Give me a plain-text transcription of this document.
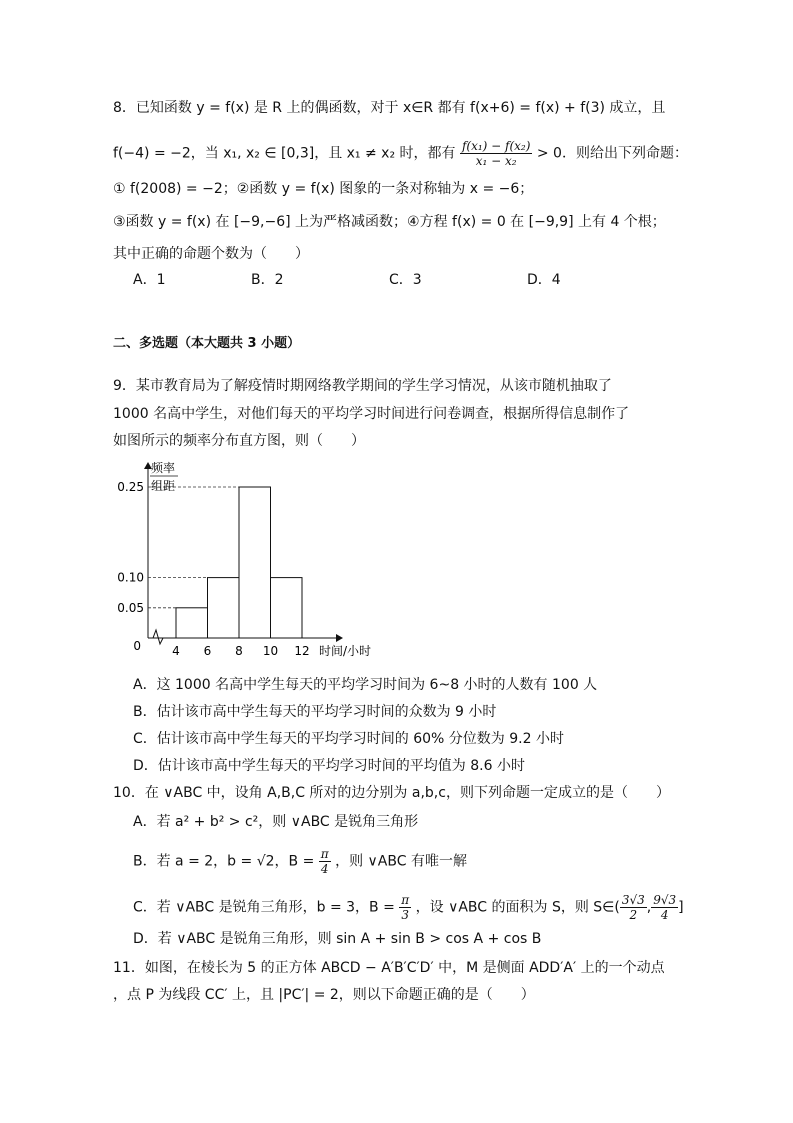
8．已知函数 y = f(x) 是 R 上的偶函数，对于 x∈R 都有 f(x+6) = f(x) + f(3) 成立，且
f(−4) = −2，当 x₁, x₂ ∈ [0,3]，且 x₁ ≠ x₂ 时，都有 $\frac{\text{f(x₁) − f(x₂)}}{\text{x₁ − x₂}} > 0$．则给出下列命题：
① f(2008) = −2；②函数 y = f(x) 图象的一条对称轴为 x = −6；
③函数 y = f(x) 在 [−9,−6] 上为严格减函数；④方程 f(x) = 0 在 [−9,9] 上有 4 个根；
其中正确的命题个数为（　　）
A．1	B．2	C．3	D．4
二、多选题（本大题共 3 小题）
9．某市教育局为了解疫情时期网络教学期间的学生学习情况，从该市随机抽取了
1000 名高中学生，对他们每天的平均学习时间进行问卷调查，根据所得信息制作了
如图所示的频率分布直方图，则（　　）
0.05
0.10
0.25
4 6 8 10 12
0
频率
组距
时间/小时
A．这 1000 名高中学生每天的平均学习时间为 6~8 小时的人数有 100 人
B．估计该市高中学生每天的平均学习时间的众数为 9 小时
C．估计该市高中学生每天的平均学习时间的 60% 分位数为 9.2 小时
D．估计该市高中学生每天的平均学习时间的平均值为 8.6 小时
10．在 ∨ABC 中，设角 A,B,C 所对的边分别为 a,b,c，则下列命题一定成立的是（　　）
A．若 a² + b² > c²，则 ∨ABC 是锐角三角形
B．若 a = 2，b = √2，$B = \frac{\pi}{4}$ ，则 ∨ABC 有唯一解
C．若 ∨ABC 是锐角三角形，b = 3，$B = \frac{\pi}{3}$ ，设 ∨ABC 的面积为 S，则 S∈( $\frac{3√3}{2}$ , $\frac{9√3}{4}$ ]
D．若 ∨ABC 是锐角三角形，则 sin A + sin B > cos A + cos B
11．如图，在棱长为 5 的正方体 ABCD − A′B′C′D′ 中，M 是侧面 ADD′A′ 上的一个动点
，点 P 为线段 CC′ 上，且 |PC′| = 2，则以下命题正确的是（　　）
